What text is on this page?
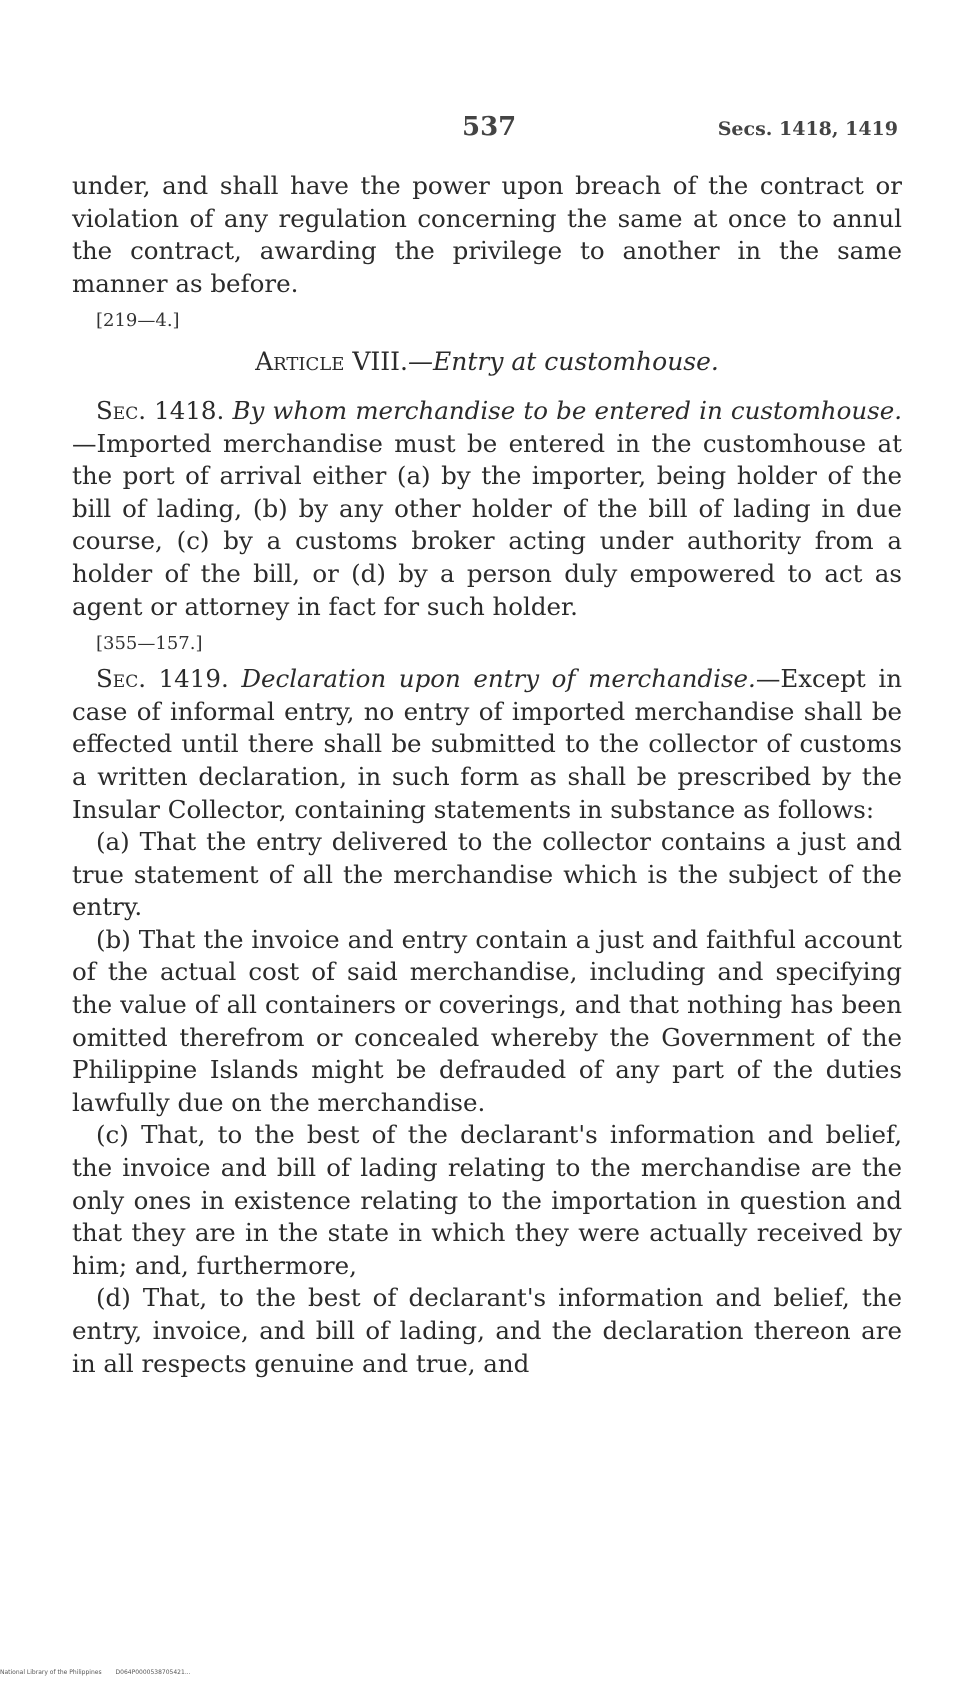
537	Secs. 1418, 1419

under, and shall have the power upon breach of the contract or violation of any regulation concerning the same at once to annul the contract, awarding the privilege to another in the same manner as before.

[219—4.]

Article VIII.—Entry at customhouse.

Sec. 1418. By whom merchandise to be entered in customhouse.—Imported merchandise must be entered in the customhouse at the port of arrival either (a) by the importer, being holder of the bill of lading, (b) by any other holder of the bill of lading in due course, (c) by a customs broker acting under authority from a holder of the bill, or (d) by a person duly empowered to act as agent or attorney in fact for such holder.

[355—157.]

Sec. 1419. Declaration upon entry of merchandise.—Except in case of informal entry, no entry of imported merchandise shall be effected until there shall be submitted to the collector of customs a written declaration, in such form as shall be prescribed by the Insular Collector, containing statements in substance as follows:

(a) That the entry delivered to the collector contains a just and true statement of all the merchandise which is the subject of the entry.

(b) That the invoice and entry contain a just and faithful account of the actual cost of said merchandise, including and specifying the value of all containers or coverings, and that nothing has been omitted therefrom or concealed whereby the Government of the Philippine Islands might be defrauded of any part of the duties lawfully due on the merchandise.

(c) That, to the best of the declarant's information and belief, the invoice and bill of lading relating to the merchandise are the only ones in existence relating to the importation in question and that they are in the state in which they were actually received by him; and, furthermore,

(d) That, to the best of declarant's information and belief, the entry, invoice, and bill of lading, and the declaration thereon are in all respects genuine and true, and

National Library of the Philippines D064P0000538705421...
